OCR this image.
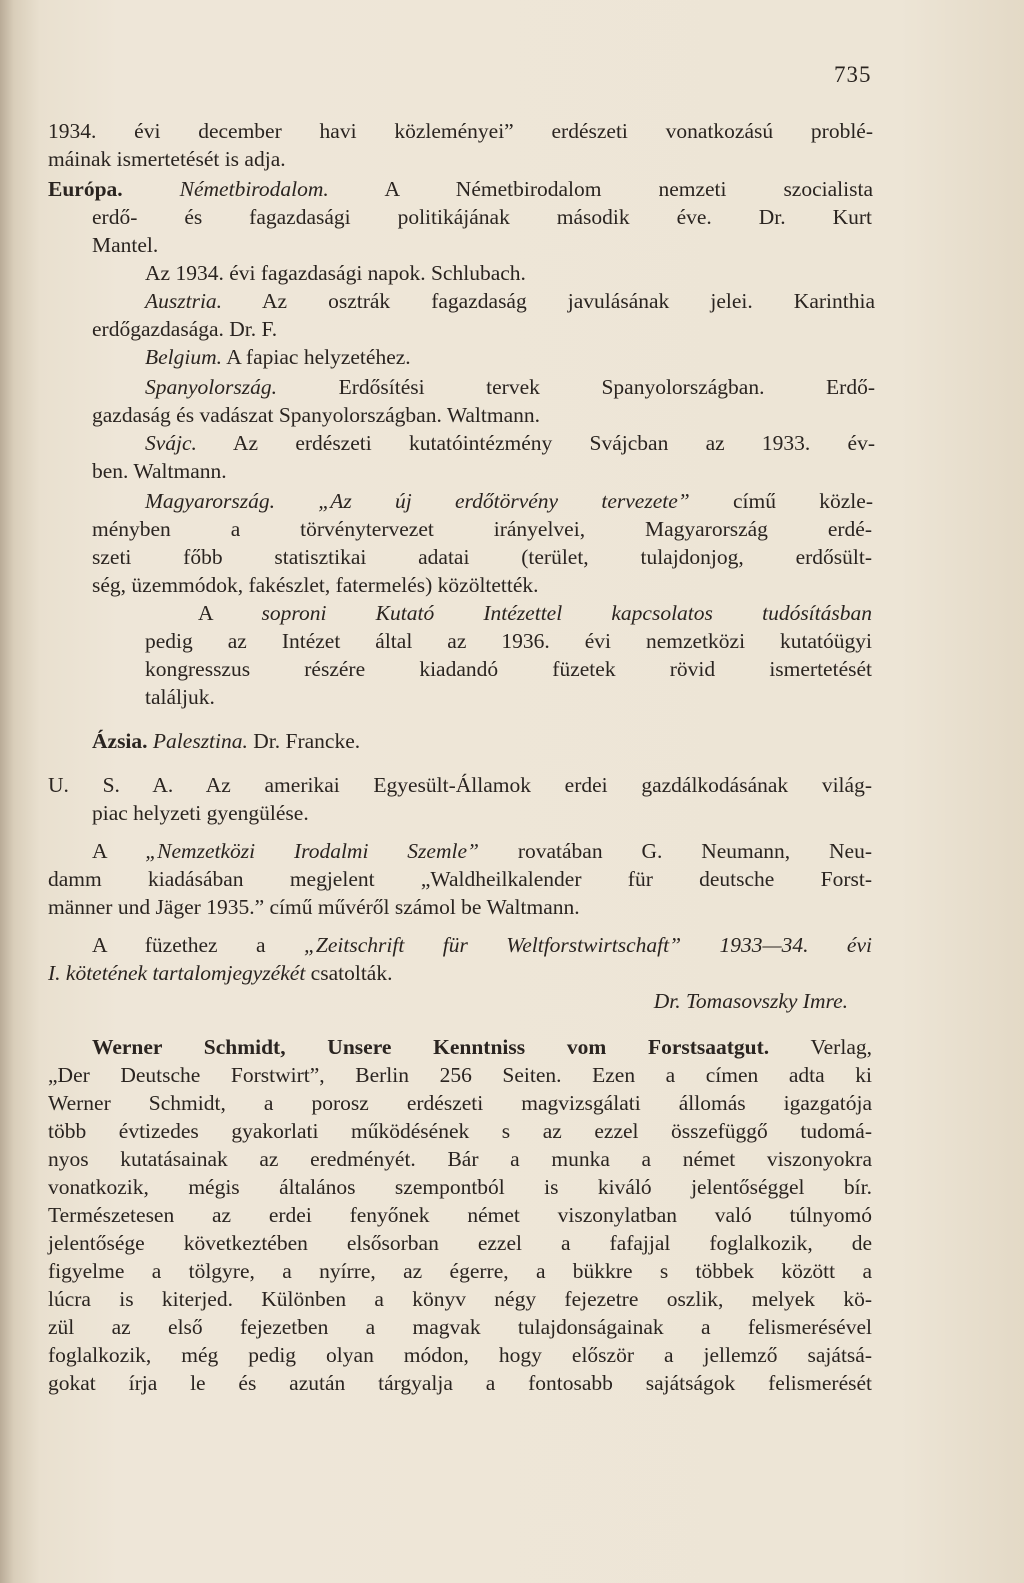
735
1934. évi december havi közleményei” erdészeti vonatkozású problé-
máinak ismertetését is adja.
Európa. Németbirodalom. A Németbirodalom nemzeti szocialista
erdő- és fagazdasági politikájának második éve. Dr. Kurt
Mantel.
Az 1934. évi fagazdasági napok. Schlubach.
Ausztria. Az osztrák fagazdaság javulásának jelei. Karinthia
erdőgazdasága. Dr. F.
Belgium. A fapiac helyzetéhez.
Spanyolország. Erdősítési tervek Spanyolországban. Erdő-
gazdaság és vadászat Spanyolországban. Waltmann.
Svájc. Az erdészeti kutatóintézmény Svájcban az 1933. év-
ben. Waltmann.
Magyarország. „Az új erdőtörvény tervezete” című közle-
ményben a törvénytervezet irányelvei, Magyarország erdé-
szeti főbb statisztikai adatai (terület, tulajdonjog, erdősült-
ség, üzemmódok, fakészlet, fatermelés) közöltették.
A soproni Kutató Intézettel kapcsolatos tudósításban
pedig az Intézet által az 1936. évi nemzetközi kutatóügyi
kongresszus részére kiadandó füzetek rövid ismertetését
találjuk.
Ázsia. Palesztina. Dr. Francke.
U. S. A. Az amerikai Egyesült-Államok erdei gazdálkodásának világ-
piac helyzeti gyengülése.
A „Nemzetközi Irodalmi Szemle” rovatában G. Neumann, Neu-
damm kiadásában megjelent „Waldheilkalender für deutsche Forst-
männer und Jäger 1935.” című művéről számol be Waltmann.
A füzethez a „Zeitschrift für Weltforstwirtschaft” 1933—34. évi
I. kötetének tartalomjegyzékét csatolták.
Dr. Tomasovszky Imre.
Werner Schmidt, Unsere Kenntniss vom Forstsaatgut. Verlag,
„Der Deutsche Forstwirt”, Berlin 256 Seiten. Ezen a címen adta ki
Werner Schmidt, a porosz erdészeti magvizsgálati állomás igazgatója
több évtizedes gyakorlati működésének s az ezzel összefüggő tudomá-
nyos kutatásainak az eredményét. Bár a munka a német viszonyokra
vonatkozik, mégis általános szempontból is kiváló jelentőséggel bír.
Természetesen az erdei fenyőnek német viszonylatban való túlnyomó
jelentősége következtében elsősorban ezzel a fafajjal foglalkozik, de
figyelme a tölgyre, a nyírre, az égerre, a bükkre s többek között a
lúcra is kiterjed. Különben a könyv négy fejezetre oszlik, melyek kö-
zül az első fejezetben a magvak tulajdonságainak a felismerésével
foglalkozik, még pedig olyan módon, hogy először a jellemző sajátsá-
gokat írja le és azután tárgyalja a fontosabb sajátságok felismerését
